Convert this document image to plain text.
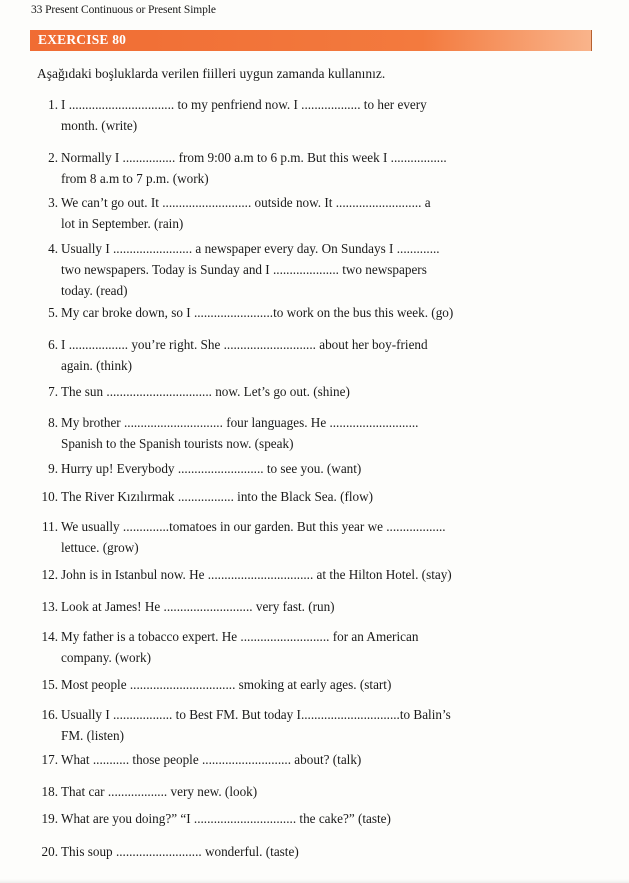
33 Present Continuous or Present Simple
EXERCISE 80
Aşağıdaki boşluklarda verilen fiilleri uygun zamanda kullanınız.
1. I ................................ to my penfriend now. I .................. to her every
month. (write)
2. Normally I ................ from 9:00 a.m to 6 p.m. But this week I .................
from 8 a.m to 7 p.m. (work)
3. We can’t go out. It ........................... outside now. It .......................... a
lot in September. (rain)
4. Usually I ........................ a newspaper every day. On Sundays I .............
two newspapers. Today is Sunday and I .................... two newspapers
today. (read)
5. My car broke down, so I ........................to work on the bus this week. (go)
6. I .................. you’re right. She ............................ about her boy-friend
again. (think)
7. The sun ................................ now. Let’s go out. (shine)
8. My brother .............................. four languages. He ...........................
Spanish to the Spanish tourists now. (speak)
9. Hurry up! Everybody .......................... to see you. (want)
10. The River Kızılırmak ................. into the Black Sea. (flow)
11. We usually ..............tomatoes in our garden. But this year we ..................
lettuce. (grow)
12. John is in Istanbul now. He ................................ at the Hilton Hotel. (stay)
13. Look at James! He ........................... very fast. (run)
14. My father is a tobacco expert. He ........................... for an American
company. (work)
15. Most people ................................ smoking at early ages. (start)
16. Usually I .................. to Best FM. But today I..............................to Balin’s
FM. (listen)
17. What ........... those people ........................... about? (talk)
18. That car .................. very new. (look)
19. What are you doing?” “I ............................... the cake?” (taste)
20. This soup .......................... wonderful. (taste)
